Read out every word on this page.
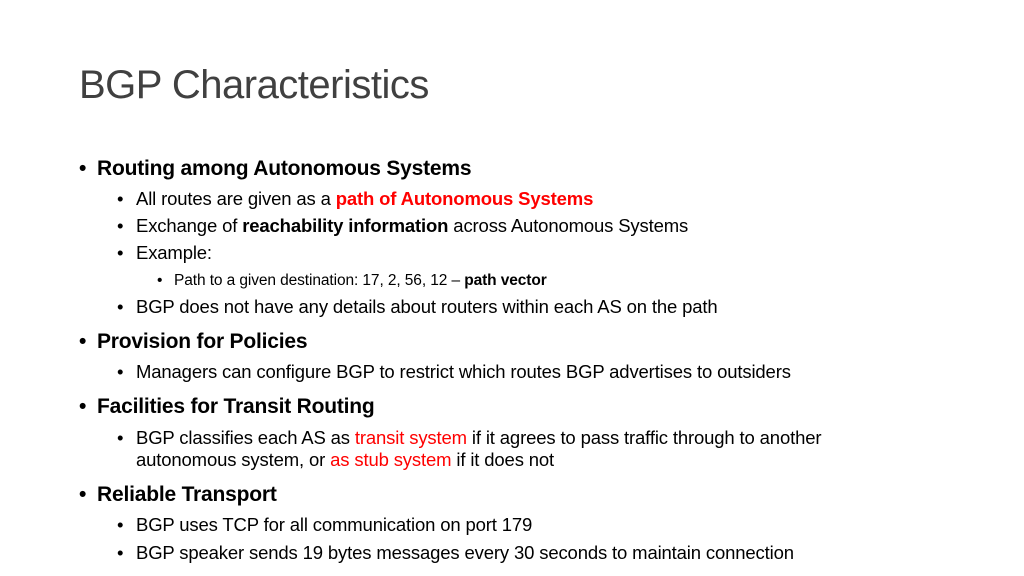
BGP Characteristics
• Routing among Autonomous Systems
• All routes are given as a path of Autonomous Systems
• Exchange of reachability information across Autonomous Systems
• Example:
• Path to a given destination: 17, 2, 56, 12 – path vector
• BGP does not have any details about routers within each AS on the path
• Provision for Policies
• Managers can configure BGP to restrict which routes BGP advertises to outsiders
• Facilities for Transit Routing
• BGP classifies each AS as transit system if it agrees to pass traffic through to another
autonomous system, or as stub system if it does not
• Reliable Transport
• BGP uses TCP for all communication on port 179
• BGP speaker sends 19 bytes messages every 30 seconds to maintain connection
